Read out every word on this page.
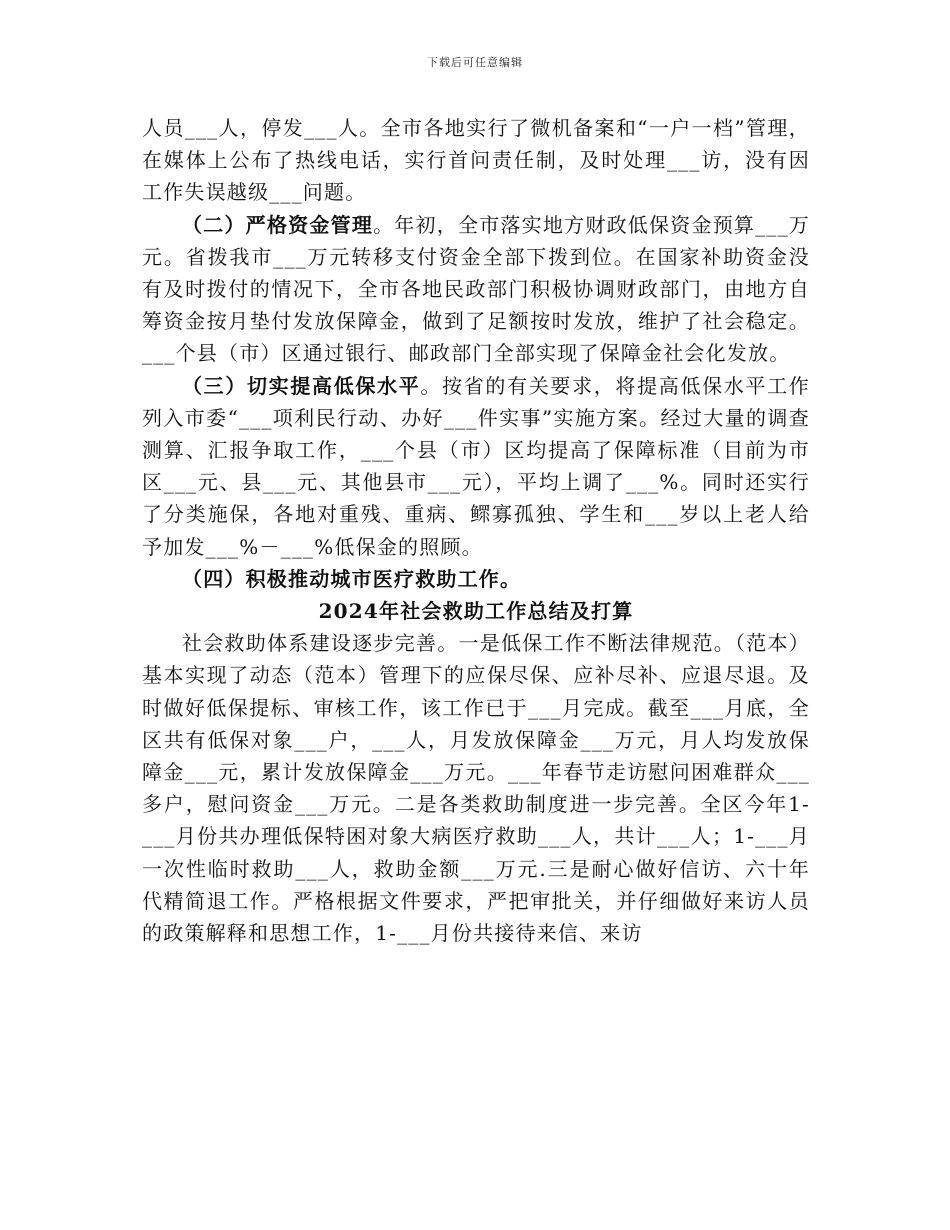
下载后可任意编辑

人员___人，停发___人。全市各地实行了微机备案和“一户一档”管理，在媒体上公布了热线电话，实行首问责任制，及时处理___访，没有因工作失误越级___问题。

（二）严格资金管理。年初，全市落实地方财政低保资金预算___万元。省拨我市___万元转移支付资金全部下拨到位。在国家补助资金没有及时拨付的情况下，全市各地民政部门积极协调财政部门，由地方自筹资金按月垫付发放保障金，做到了足额按时发放，维护了社会稳定。___个县（市）区通过银行、邮政部门全部实现了保障金社会化发放。

（三）切实提高低保水平。按省的有关要求，将提高低保水平工作列入市委“___项利民行动、办好___件实事”实施方案。经过大量的调查测算、汇报争取工作，___个县（市）区均提高了保障标准（目前为市区___元、县___元、其他县市___元），平均上调了___%。同时还实行了分类施保，各地对重残、重病、鳏寡孤独、学生和___岁以上老人给予加发___%－___%低保金的照顾。

（四）积极推动城市医疗救助工作。

2024年社会救助工作总结及打算

社会救助体系建设逐步完善。一是低保工作不断法律规范。（范本）基本实现了动态（范本）管理下的应保尽保、应补尽补、应退尽退。及时做好低保提标、审核工作，该工作已于___月完成。截至___月底，全区共有低保对象___户，___人，月发放保障金___万元，月人均发放保障金___元，累计发放保障金___万元。___年春节走访慰问困难群众___多户，慰问资金___万元。二是各类救助制度进一步完善。全区今年1-___月份共办理低保特困对象大病医疗救助___人，共计___人；1-___月一次性临时救助___人，救助金额___万元.三是耐心做好信访、六十年代精简退工作。严格根据文件要求，严把审批关，并仔细做好来访人员的政策解释和思想工作，1-___月份共接待来信、来访
